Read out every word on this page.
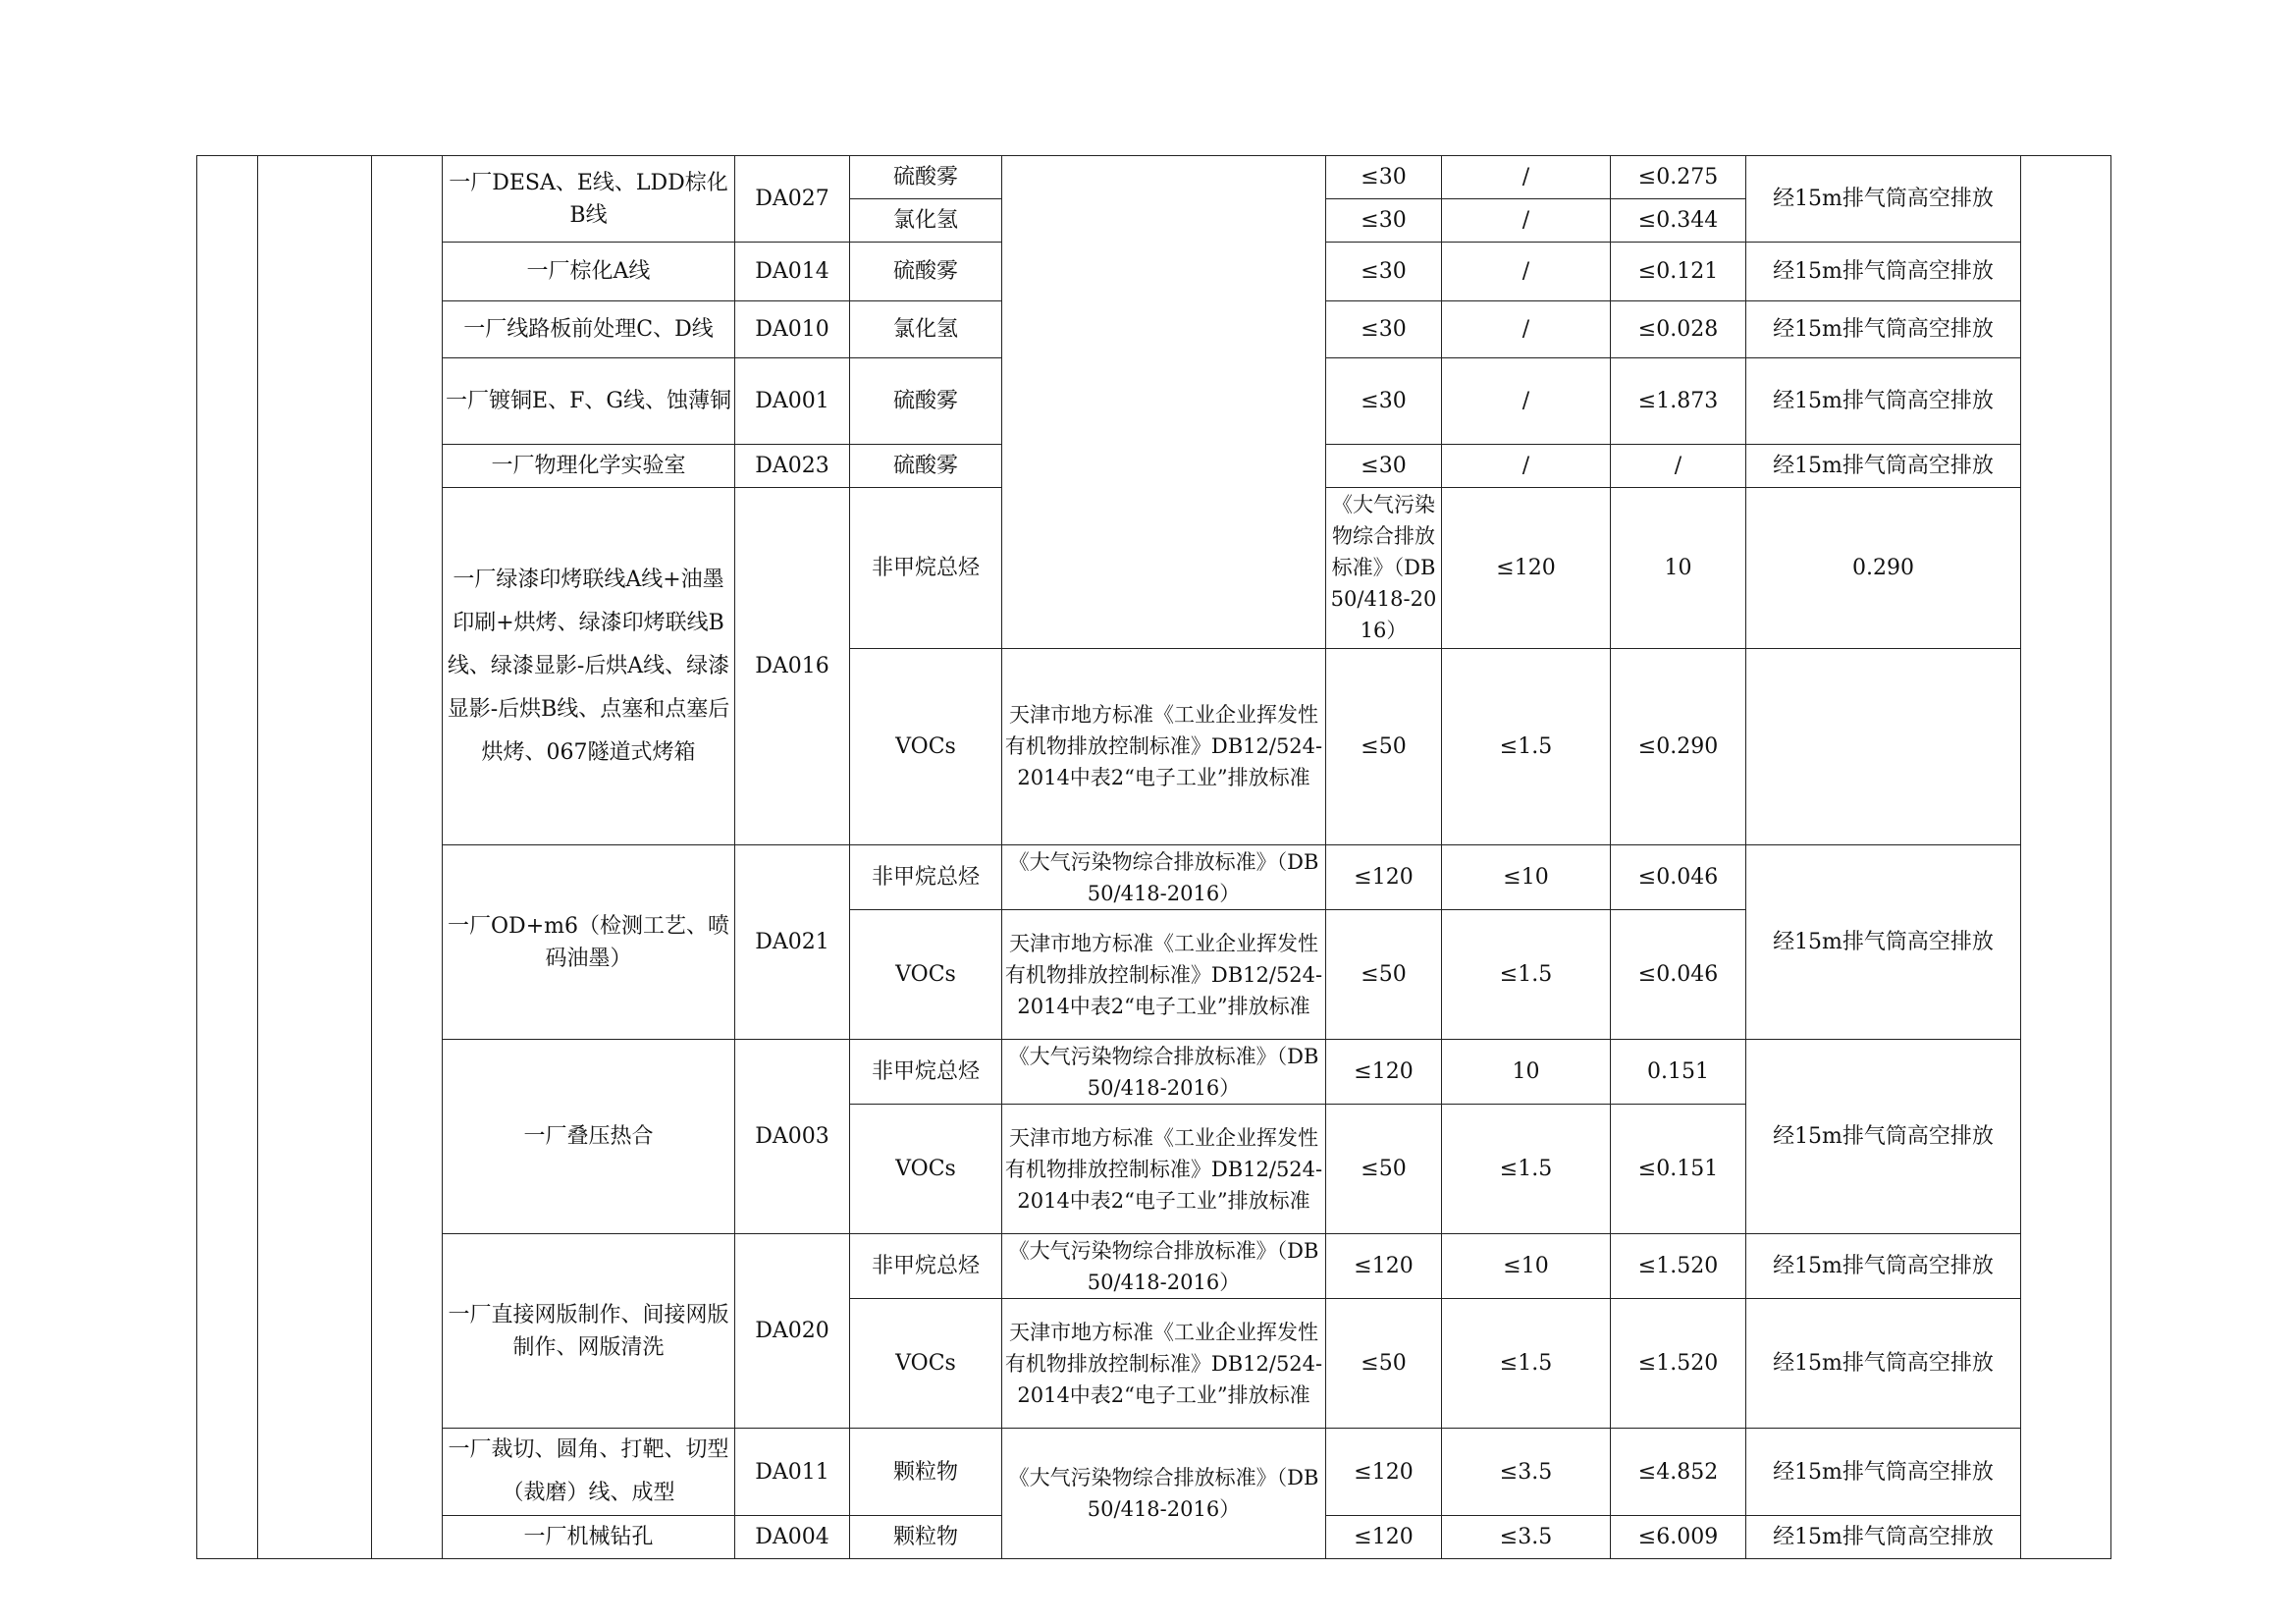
			一厂DESA、E线、LDD棕化B线	DA027	硫酸雾		≤30	/	≤0.275	经15m排气筒高空排放		
					氯化氢		≤30	/	≤0.344			
			一厂棕化A线	DA014	硫酸雾		≤30	/	≤0.121	经15m排气筒高空排放		
			一厂线路板前处理C、D线	DA010	氯化氢		≤30	/	≤0.028	经15m排气筒高空排放		
			一厂镀铜E、F、G线、蚀薄铜	DA001	硫酸雾		≤30	/	≤1.873	经15m排气筒高空排放		
			一厂物理化学实验室	DA023	硫酸雾		≤30	/	/	经15m排气筒高空排放		
			一厂绿漆印烤联线A线+油墨印刷+烘烤、绿漆印烤联线B线、绿漆显影-后烘A线、绿漆显影-后烘B线、点塞和点塞后烘烤、067隧道式烤箱	DA016	非甲烷总烃		《大气污染物综合排放标准》（DB50/418-2016）	≤120	10	0.290	
					VOCs	天津市地方标准《工业企业挥发性有机物排放控制标准》DB12/524-2014中表2“电子工业”排放标准	≤50	≤1.5	≤0.290			
			一厂OD+m6（检测工艺、喷码油墨）	DA021	非甲烷总烃	《大气污染物综合排放标准》（DB50/418-2016）	≤120	≤10	≤0.046	经15m排气筒高空排放		
					VOCs	天津市地方标准《工业企业挥发性有机物排放控制标准》DB12/524-2014中表2“电子工业”排放标准	≤50	≤1.5	≤0.046			
			一厂叠压热合	DA003	非甲烷总烃	《大气污染物综合排放标准》（DB50/418-2016）	≤120	10	0.151	经15m排气筒高空排放		
					VOCs	天津市地方标准《工业企业挥发性有机物排放控制标准》DB12/524-2014中表2“电子工业”排放标准	≤50	≤1.5	≤0.151			
			一厂直接网版制作、间接网版制作、网版清洗	DA020	非甲烷总烃	《大气污染物综合排放标准》（DB50/418-2016）	≤120	≤10	≤1.520	经15m排气筒高空排放		
					VOCs	天津市地方标准《工业企业挥发性有机物排放控制标准》DB12/524-2014中表2“电子工业”排放标准	≤50	≤1.5	≤1.520	经15m排气筒高空排放		
			一厂裁切、圆角、打靶、切型（裁磨）线、成型	DA011	颗粒物	《大气污染物综合排放标准》（DB50/418-2016）	≤120	≤3.5	≤4.852	经15m排气筒高空排放		
			一厂机械钻孔	DA004	颗粒物		≤120	≤3.5	≤6.009	经15m排气筒高空排放		
